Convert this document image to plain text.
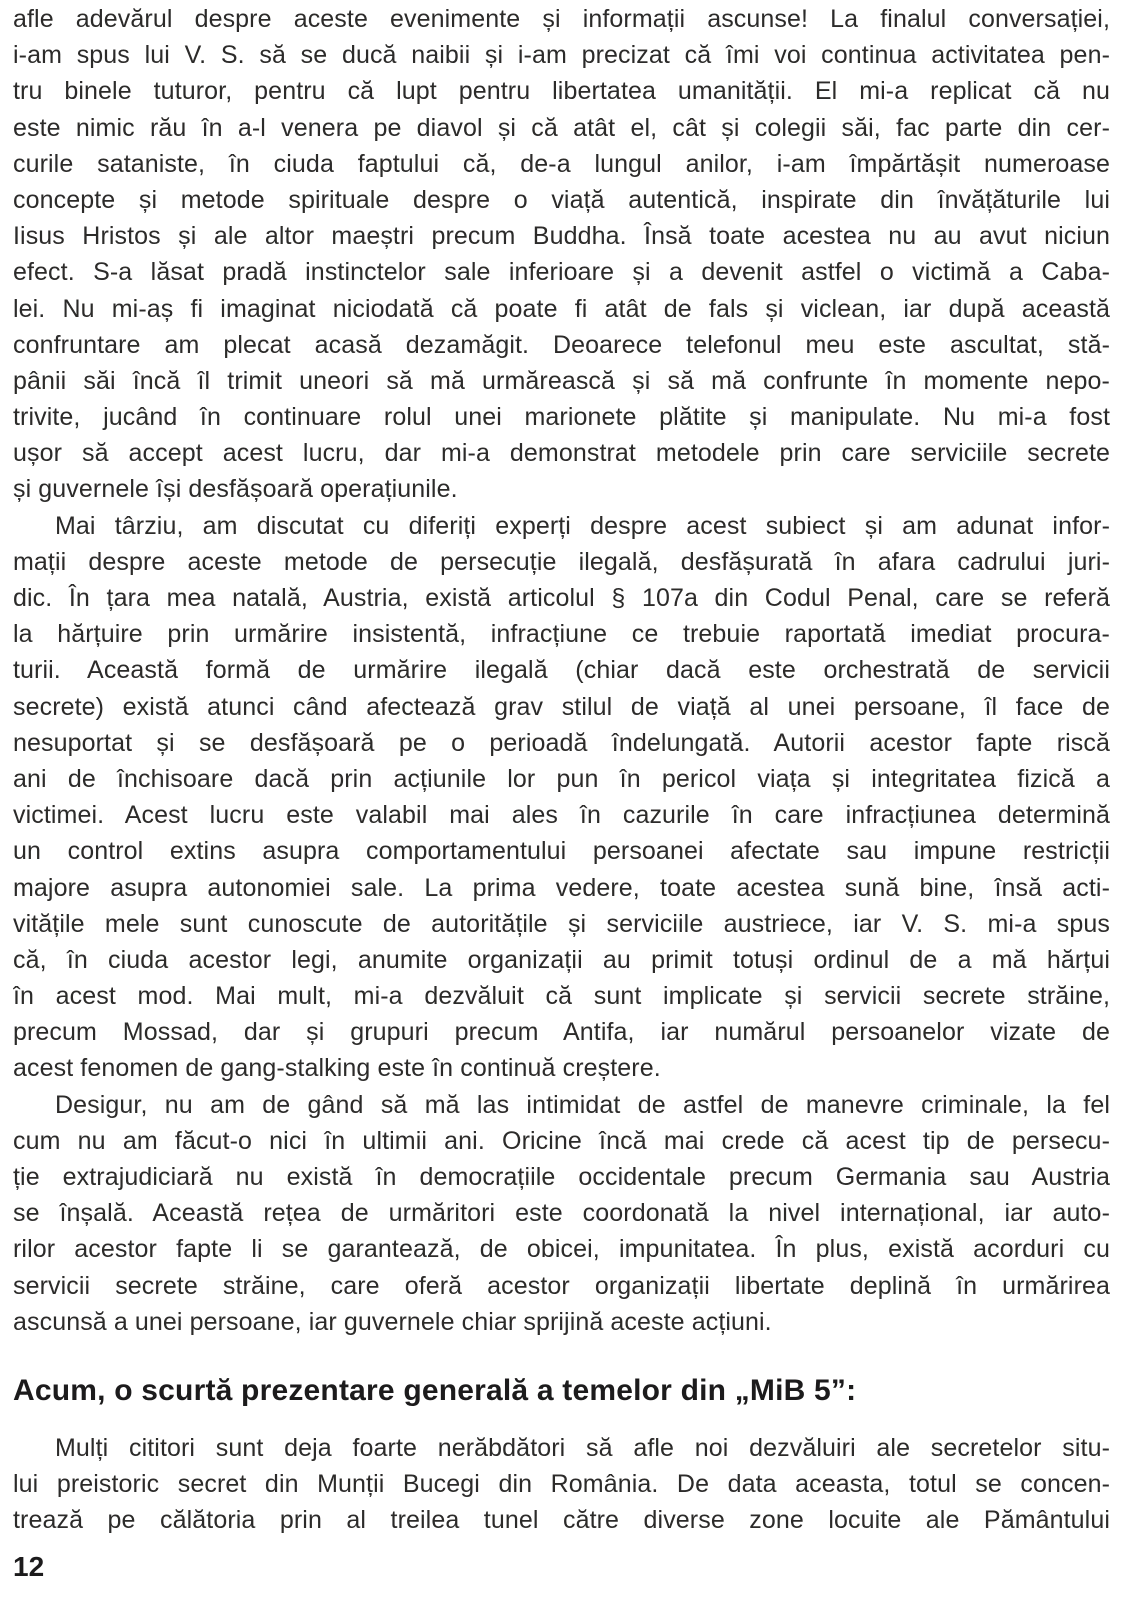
afle adevărul despre aceste evenimente și informații ascunse! La finalul conversației,
i-am spus lui V. S. să se ducă naibii și i-am precizat că îmi voi continua activitatea pen-
tru binele tuturor, pentru că lupt pentru libertatea umanității. El mi-a replicat că nu
este nimic rău în a-l venera pe diavol și că atât el, cât și colegii săi, fac parte din cer-
curile sataniste, în ciuda faptului că, de-a lungul anilor, i-am împărtășit numeroase
concepte și metode spirituale despre o viață autentică, inspirate din învățăturile lui
Iisus Hristos și ale altor maeștri precum Buddha. Însă toate acestea nu au avut niciun
efect. S-a lăsat pradă instinctelor sale inferioare și a devenit astfel o victimă a Caba-
lei. Nu mi-aș fi imaginat niciodată că poate fi atât de fals și viclean, iar după această
confruntare am plecat acasă dezamăgit. Deoarece telefonul meu este ascultat, stă-
pânii săi încă îl trimit uneori să mă urmărească și să mă confrunte în momente nepo-
trivite, jucând în continuare rolul unei marionete plătite și manipulate. Nu mi-a fost
ușor să accept acest lucru, dar mi-a demonstrat metodele prin care serviciile secrete
și guvernele își desfășoară operațiunile.
Mai târziu, am discutat cu diferiți experți despre acest subiect și am adunat infor-
mații despre aceste metode de persecuție ilegală, desfășurată în afara cadrului juri-
dic. În țara mea natală, Austria, există articolul § 107a din Codul Penal, care se referă
la hărțuire prin urmărire insistentă, infracțiune ce trebuie raportată imediat procura-
turii. Această formă de urmărire ilegală (chiar dacă este orchestrată de servicii
secrete) există atunci când afectează grav stilul de viață al unei persoane, îl face de
nesuportat și se desfășoară pe o perioadă îndelungată. Autorii acestor fapte riscă
ani de închisoare dacă prin acțiunile lor pun în pericol viața și integritatea fizică a
victimei. Acest lucru este valabil mai ales în cazurile în care infracțiunea determină
un control extins asupra comportamentului persoanei afectate sau impune restricții
majore asupra autonomiei sale. La prima vedere, toate acestea sună bine, însă acti-
vitățile mele sunt cunoscute de autoritățile și serviciile austriece, iar V. S. mi-a spus
că, în ciuda acestor legi, anumite organizații au primit totuși ordinul de a mă hărțui
în acest mod. Mai mult, mi-a dezvăluit că sunt implicate și servicii secrete străine,
precum Mossad, dar și grupuri precum Antifa, iar numărul persoanelor vizate de
acest fenomen de gang-stalking este în continuă creștere.
Desigur, nu am de gând să mă las intimidat de astfel de manevre criminale, la fel
cum nu am făcut-o nici în ultimii ani. Oricine încă mai crede că acest tip de persecu-
ție extrajudiciară nu există în democrațiile occidentale precum Germania sau Austria
se înșală. Această rețea de urmăritori este coordonată la nivel internațional, iar auto-
rilor acestor fapte li se garantează, de obicei, impunitatea. În plus, există acorduri cu
servicii secrete străine, care oferă acestor organizații libertate deplină în urmărirea
ascunsă a unei persoane, iar guvernele chiar sprijină aceste acțiuni.
Acum, o scurtă prezentare generală a temelor din „MiB 5”:
Mulți cititori sunt deja foarte nerăbdători să afle noi dezvăluiri ale secretelor situ-
lui preistoric secret din Munții Bucegi din România. De data aceasta, totul se concen-
trează pe călătoria prin al treilea tunel către diverse zone locuite ale Pământului
12
